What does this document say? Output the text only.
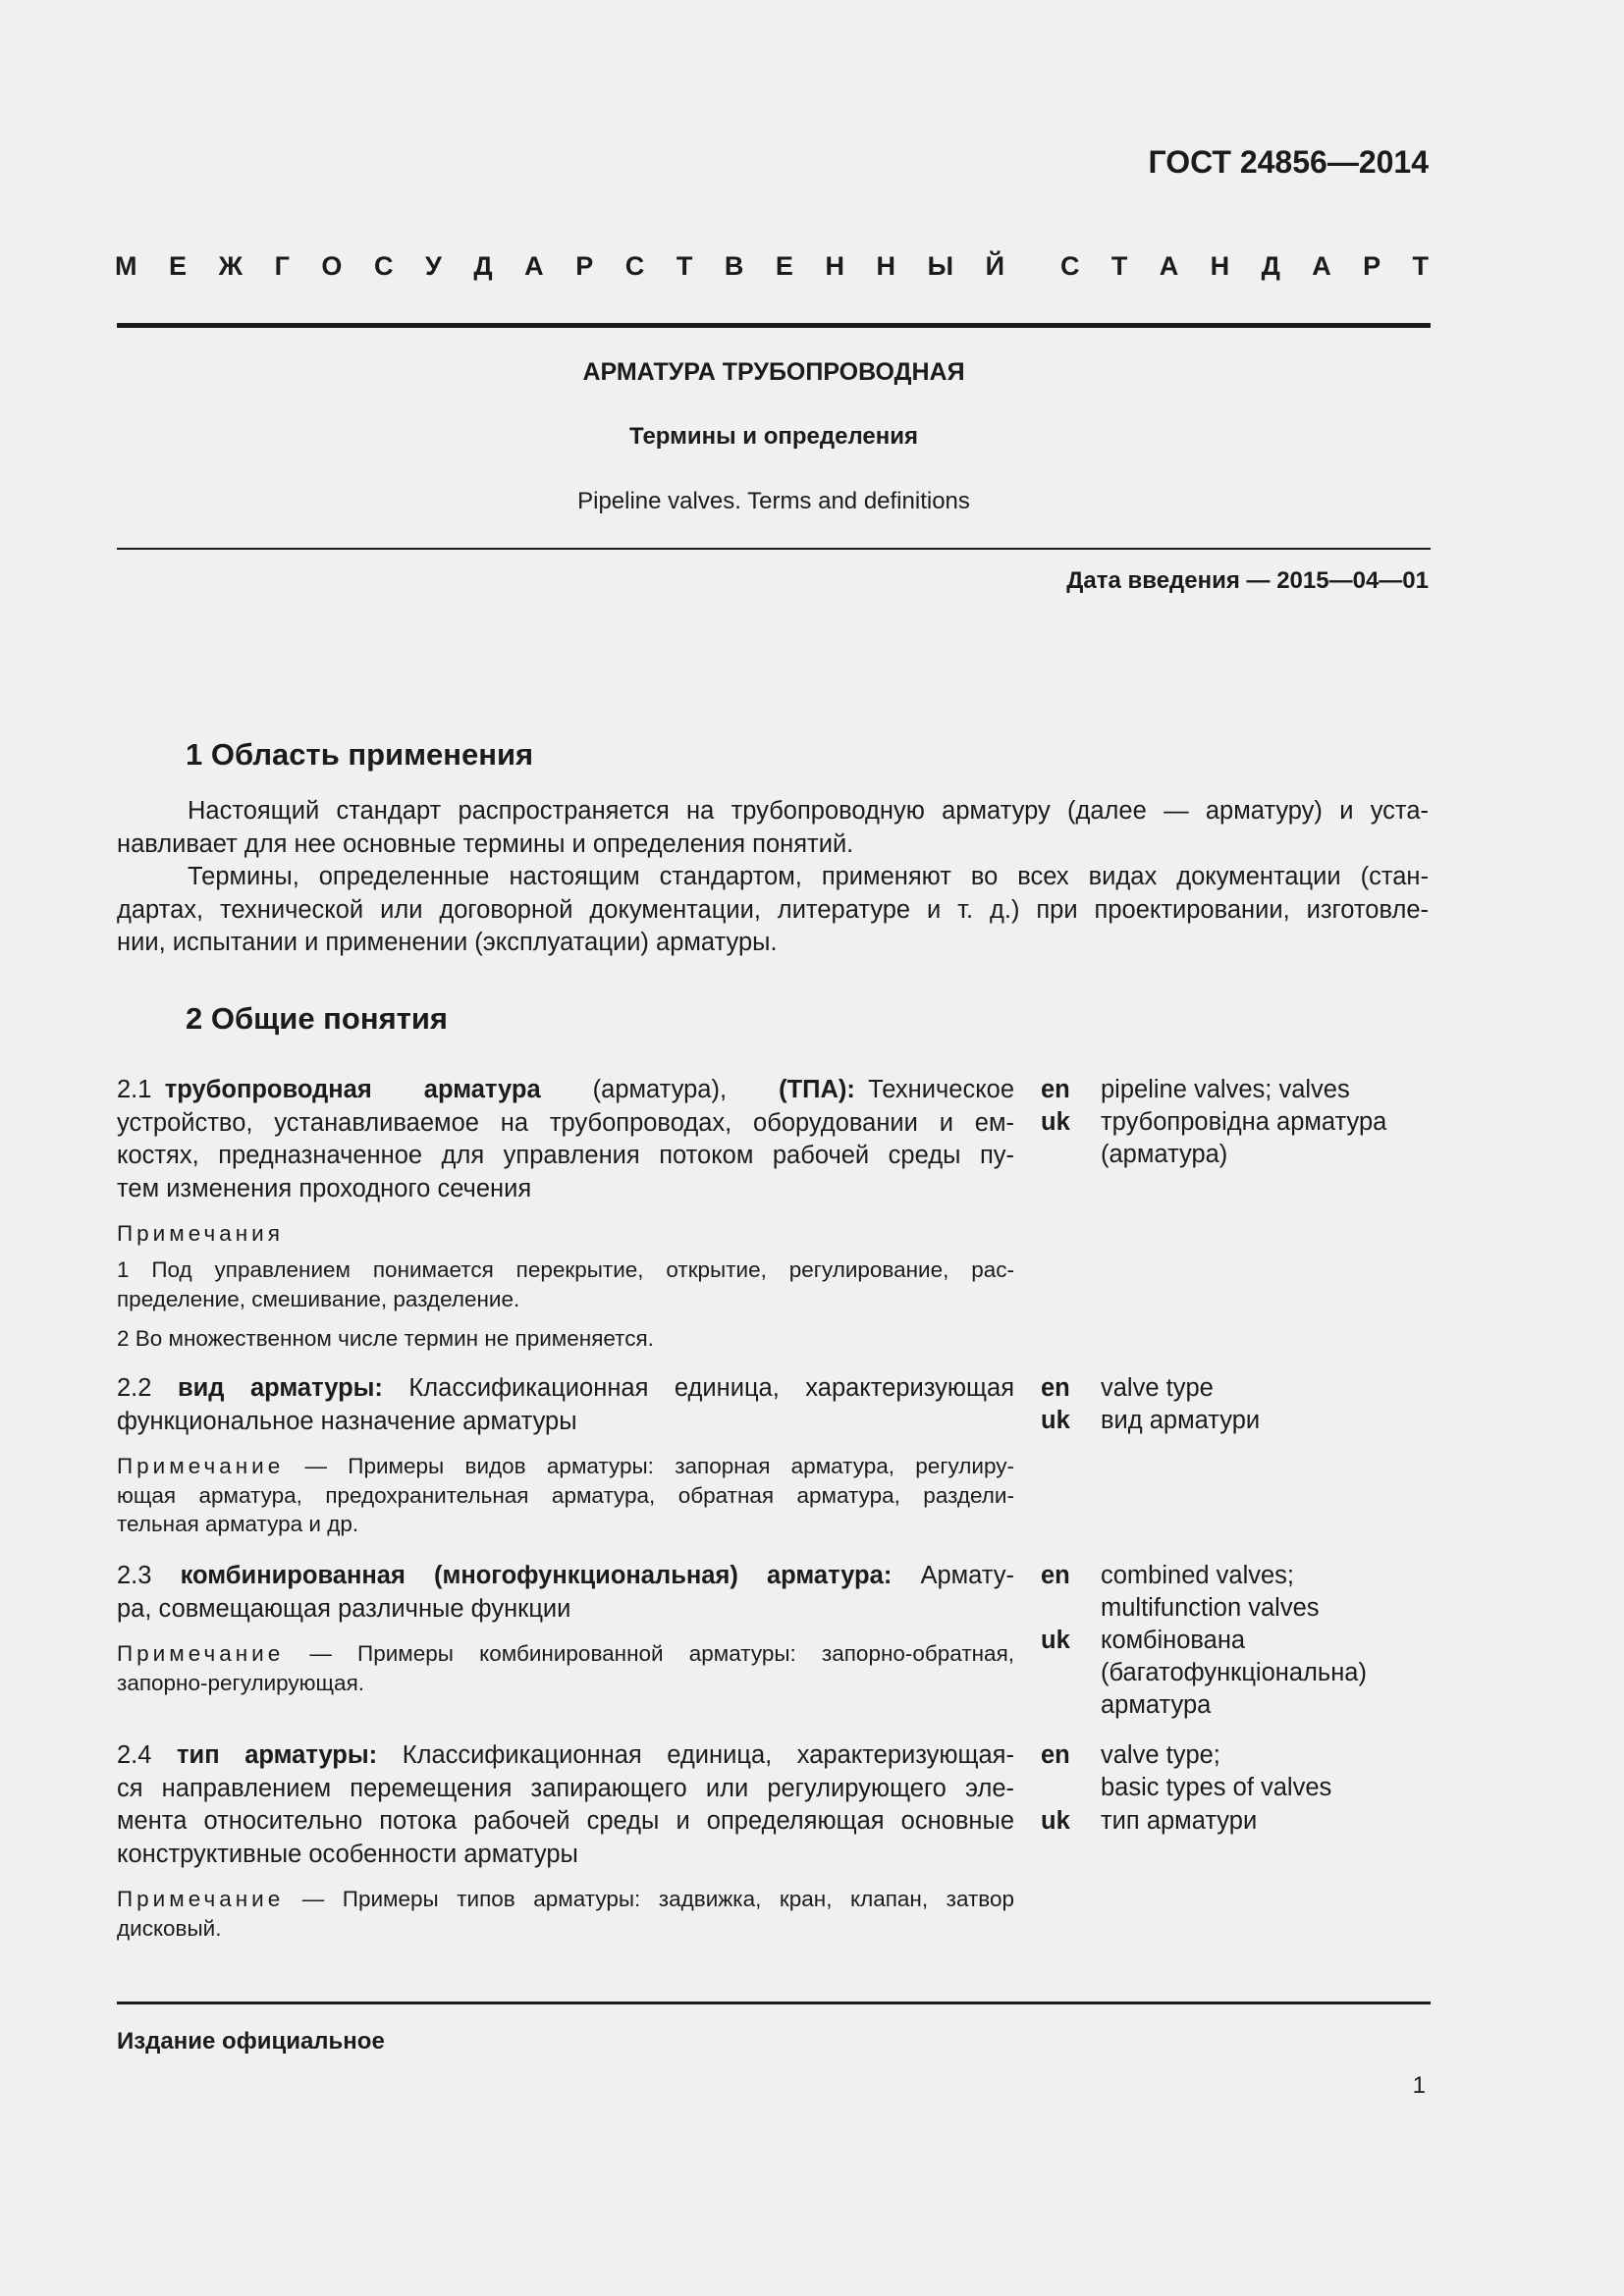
ГОСТ 24856—2014
М Е Ж Г О С У Д А Р С Т В Е Н Н Ы Й С Т А Н Д А Р Т
АРМАТУРА ТРУБОПРОВОДНАЯ
Термины и определения
Pipeline valves. Terms and definitions
Дата введения — 2015—04—01
1 Область применения
Настоящий стандарт распространяется на трубопроводную арматуру (далее — арматуру) и уста-
навливает для нее основные термины и определения понятий.
Термины, определенные настоящим стандартом, применяют во всех видах документации (стан-
дартах, технической или договорной документации, литературе и т. д.) при проектировании, изготовле-
нии, испытании и применении (эксплуатации) арматуры.
2 Общие понятия
2.1 трубопроводная    арматура    (арматура),    (ТПА): Техническое
устройство, устанавливаемое на трубопроводах, оборудовании и ем-
костях, предназначенное для управления потоком рабочей среды пу-
тем изменения проходного сечения
Примечания
1 Под управлением понимается перекрытие, открытие, регулирование, рас-
пределение, смешивание, разделение.
2 Во множественном числе термин не применяется.
en
uk
pipeline valves; valves
трубопровідна арматура
(арматура)
2.2 вид арматуры: Классификационная единица, характеризующая
функциональное назначение арматуры
Примечание — Примеры видов арматуры: запорная арматура, регулиру-
ющая арматура, предохранительная арматура, обратная арматура, раздели-
тельная арматура и др.
en
uk
valve type
вид арматури
2.3 комбинированная (многофункциональная) арматура: Армату-
ра, совмещающая различные функции
Примечание — Примеры комбинированной арматуры: запорно-обратная,
запорно-регулирующая.
en
uk
combined valves;
multifunction valves
комбінована
(багатофункціональна)
арматура
2.4 тип арматуры: Классификационная единица, характеризующая-
ся направлением перемещения запирающего или регулирующего эле-
мента относительно потока рабочей среды и определяющая основные
конструктивные особенности арматуры
Примечание — Примеры типов арматуры: задвижка, кран, клапан, затвор
дисковый.
en
uk
valve type;
basic types of valves
тип арматури
Издание официальное
1
